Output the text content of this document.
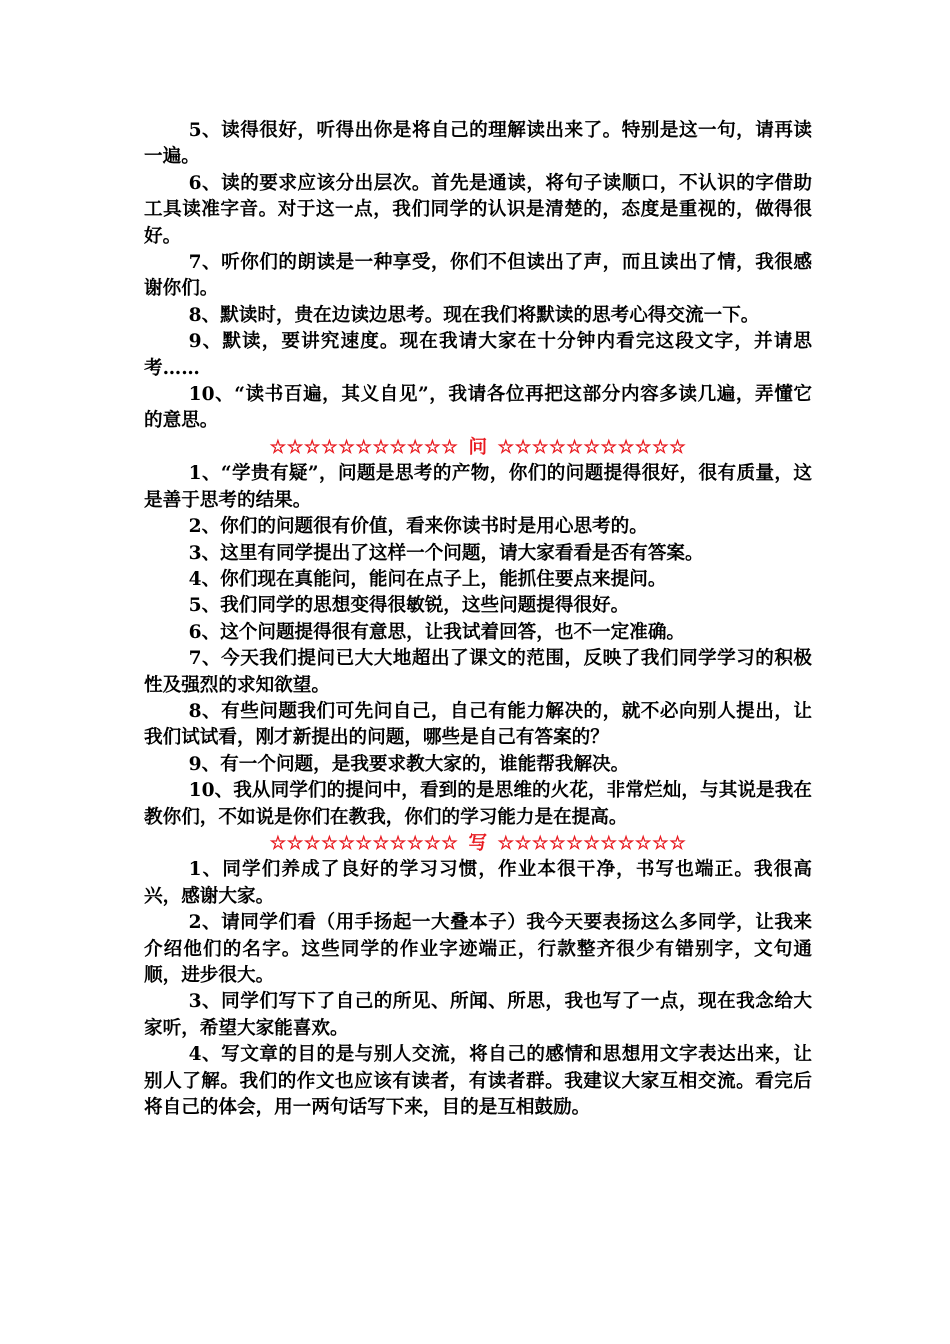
5、读得很好，听得出你是将自己的理解读出来了。特别是这一句，请再读一遍。

6、读的要求应该分出层次。首先是通读，将句子读顺口，不认识的字借助工具读准字音。对于这一点，我们同学的认识是清楚的，态度是重视的，做得很好。

7、听你们的朗读是一种享受，你们不但读出了声，而且读出了情，我很感谢你们。

8、默读时，贵在边读边思考。现在我们将默读的思考心得交流一下。

9、默读，要讲究速度。现在我请大家在十分钟内看完这段文字，并请思考……

10、“读书百遍，其义自见”，我请各位再把这部分内容多读几遍，弄懂它的意思。

☆☆☆☆☆☆☆☆☆☆☆ 问 ☆☆☆☆☆☆☆☆☆☆☆

1、“学贵有疑”，问题是思考的产物，你们的问题提得很好，很有质量，这是善于思考的结果。

2、你们的问题很有价值，看来你读书时是用心思考的。

3、这里有同学提出了这样一个问题，请大家看看是否有答案。

4、你们现在真能问，能问在点子上，能抓住要点来提问。

5、我们同学的思想变得很敏锐，这些问题提得很好。

6、这个问题提得很有意思，让我试着回答，也不一定准确。

7、今天我们提问已大大地超出了课文的范围，反映了我们同学学习的积极性及强烈的求知欲望。

8、有些问题我们可先问自己，自己有能力解决的，就不必向别人提出，让我们试试看，刚才新提出的问题，哪些是自己有答案的？

9、有一个问题，是我要求教大家的，谁能帮我解决。

10、我从同学们的提问中，看到的是思维的火花，非常烂灿，与其说是我在教你们，不如说是你们在教我，你们的学习能力是在提高。

☆☆☆☆☆☆☆☆☆☆☆ 写 ☆☆☆☆☆☆☆☆☆☆☆

1、同学们养成了良好的学习习惯，作业本很干净，书写也端正。我很高兴，感谢大家。

2、请同学们看（用手扬起一大叠本子）我今天要表扬这么多同学，让我来介绍他们的名字。这些同学的作业字迹端正，行款整齐很少有错别字，文句通顺，进步很大。

3、同学们写下了自己的所见、所闻、所思，我也写了一点，现在我念给大家听，希望大家能喜欢。

4、写文章的目的是与别人交流，将自己的感情和思想用文字表达出来，让别人了解。我们的作文也应该有读者，有读者群。我建议大家互相交流。看完后将自己的体会，用一两句话写下来，目的是互相鼓励。
